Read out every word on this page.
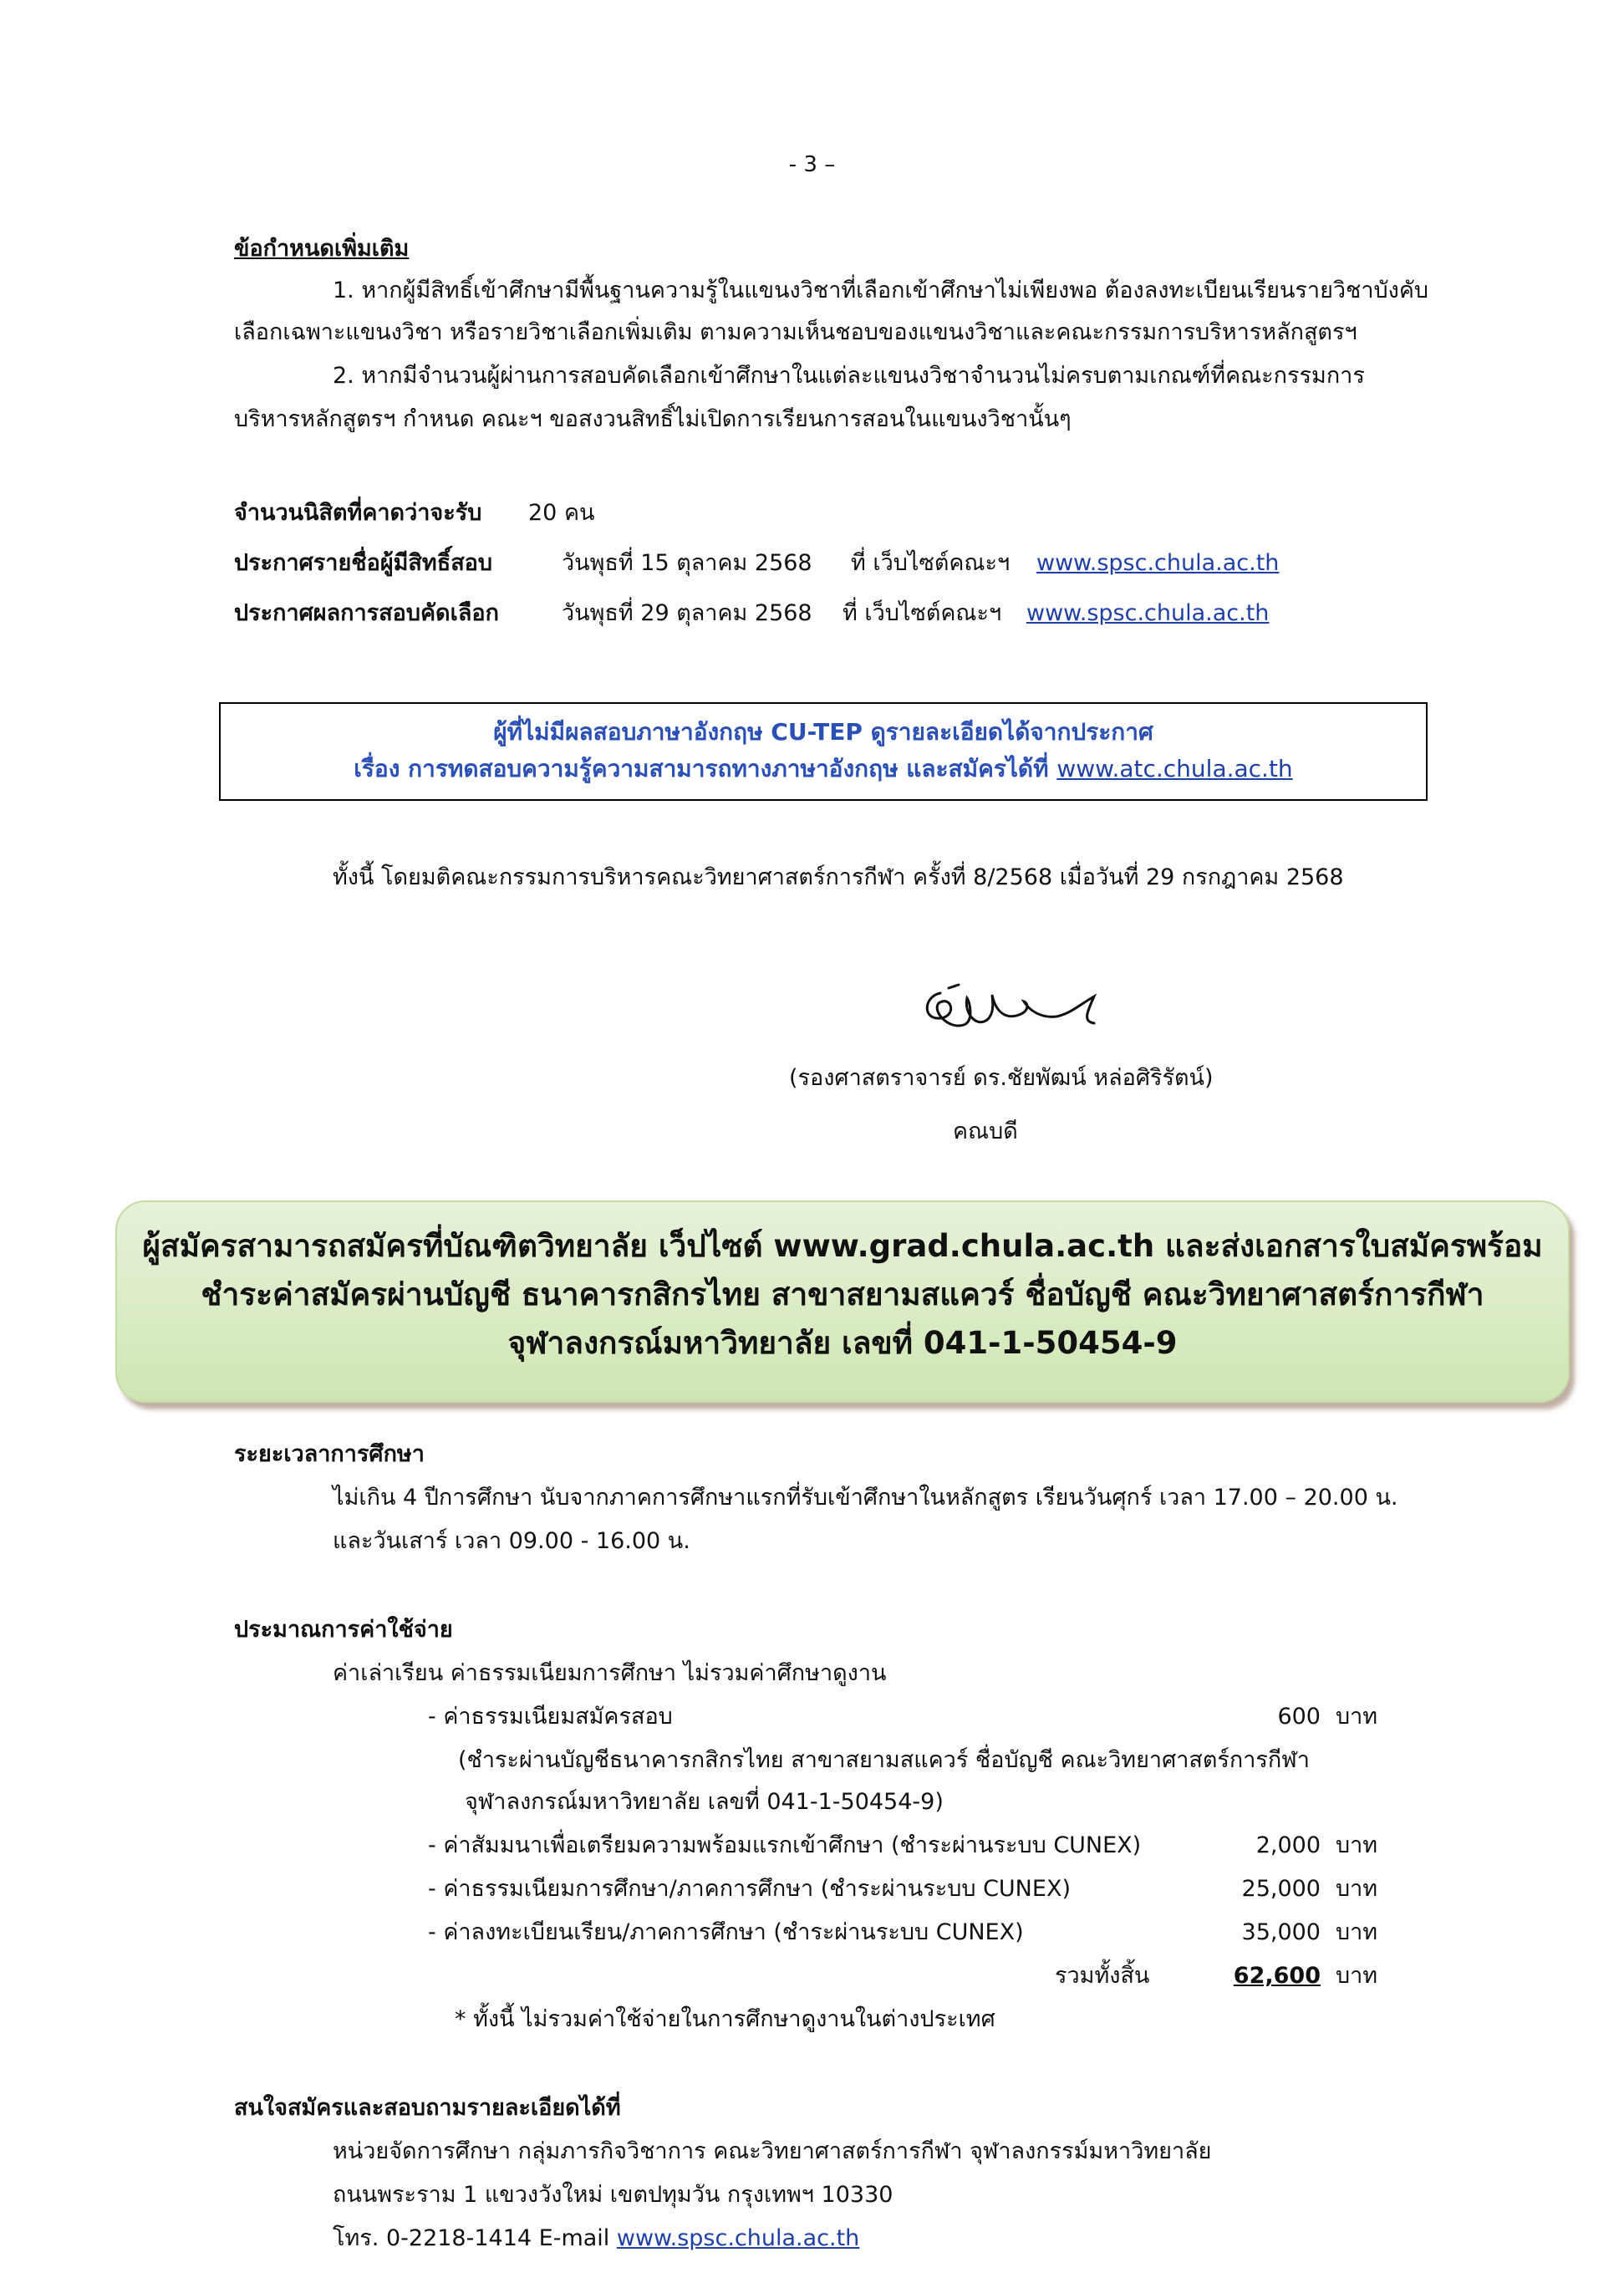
- 3 –
ข้อกำหนดเพิ่มเติม
1. หากผู้มีสิทธิ์เข้าศึกษามีพื้นฐานความรู้ในแขนงวิชาที่เลือกเข้าศึกษาไม่เพียงพอ ต้องลงทะเบียนเรียนรายวิชาบังคับ
เลือกเฉพาะแขนงวิชา หรือรายวิชาเลือกเพิ่มเติม ตามความเห็นชอบของแขนงวิชาและคณะกรรมการบริหารหลักสูตรฯ
2. หากมีจำนวนผู้ผ่านการสอบคัดเลือกเข้าศึกษาในแต่ละแขนงวิชาจำนวนไม่ครบตามเกณฑ์ที่คณะกรรมการ
บริหารหลักสูตรฯ กำหนด คณะฯ ขอสงวนสิทธิ์ไม่เปิดการเรียนการสอนในแขนงวิชานั้นๆ
จำนวนนิสิตที่คาดว่าจะรับ 20 คน
ประกาศรายชื่อผู้มีสิทธิ์สอบ	วันพุธที่ 15 ตุลาคม 2568 ที่ เว็บไซต์คณะฯ www.spsc.chula.ac.th
ประกาศผลการสอบคัดเลือก	วันพุธที่ 29 ตุลาคม 2568 ที่ เว็บไซต์คณะฯ www.spsc.chula.ac.th
ผู้ที่ไม่มีผลสอบภาษาอังกฤษ CU-TEP ดูรายละเอียดได้จากประกาศ
เรื่อง การทดสอบความรู้ความสามารถทางภาษาอังกฤษ และสมัครได้ที่ www.atc.chula.ac.th
ทั้งนี้ โดยมติคณะกรรมการบริหารคณะวิทยาศาสตร์การกีฬา ครั้งที่ 8/2568 เมื่อวันที่ 29 กรกฎาคม 2568
(รองศาสตราจารย์ ดร.ชัยพัฒน์ หล่อศิริรัตน์)
คณบดี
ผู้สมัครสามารถสมัครที่บัณฑิตวิทยาลัย เว็ปไซต์ www.grad.chula.ac.th และส่งเอกสารใบสมัครพร้อม
ชำระค่าสมัครผ่านบัญชี ธนาคารกสิกรไทย สาขาสยามสแควร์ ชื่อบัญชี คณะวิทยาศาสตร์การกีฬา
จุฬาลงกรณ์มหาวิทยาลัย เลขที่ 041-1-50454-9
ระยะเวลาการศึกษา
ไม่เกิน 4 ปีการศึกษา นับจากภาคการศึกษาแรกที่รับเข้าศึกษาในหลักสูตร เรียนวันศุกร์ เวลา 17.00 – 20.00 น.
และวันเสาร์ เวลา 09.00 - 16.00 น.
ประมาณการค่าใช้จ่าย
ค่าเล่าเรียน ค่าธรรมเนียมการศึกษา ไม่รวมค่าศึกษาดูงาน
- ค่าธรรมเนียมสมัครสอบ	600 บาท
(ชำระผ่านบัญชีธนาคารกสิกรไทย สาขาสยามสแควร์ ชื่อบัญชี คณะวิทยาศาสตร์การกีฬา
จุฬาลงกรณ์มหาวิทยาลัย เลขที่ 041-1-50454-9)
- ค่าสัมมนาเพื่อเตรียมความพร้อมแรกเข้าศึกษา (ชำระผ่านระบบ CUNEX)	2,000 บาท
- ค่าธรรมเนียมการศึกษา/ภาคการศึกษา (ชำระผ่านระบบ CUNEX)	25,000 บาท
- ค่าลงทะเบียนเรียน/ภาคการศึกษา (ชำระผ่านระบบ CUNEX)	35,000 บาท
รวมทั้งสิ้น	62,600 บาท
* ทั้งนี้ ไม่รวมค่าใช้จ่ายในการศึกษาดูงานในต่างประเทศ
สนใจสมัครและสอบถามรายละเอียดได้ที่
หน่วยจัดการศึกษา กลุ่มภารกิจวิชาการ คณะวิทยาศาสตร์การกีฬา จุฬาลงกรรม์มหาวิทยาลัย
ถนนพระราม 1 แขวงวังใหม่ เขตปทุมวัน กรุงเทพฯ 10330
โทร. 0-2218-1414 E-mail www.spsc.chula.ac.th
